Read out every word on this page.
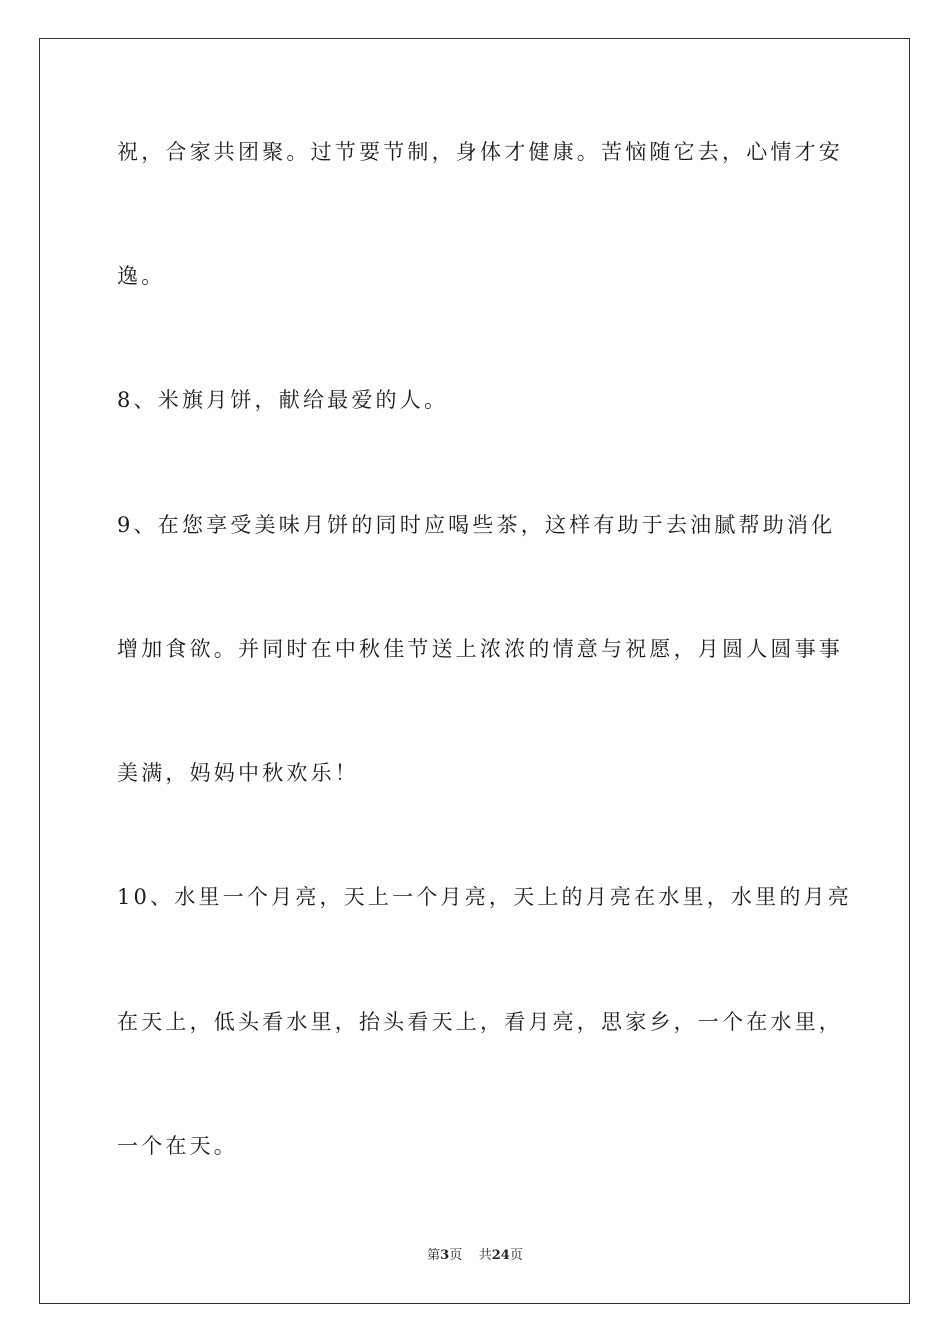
祝，合家共团聚。过节要节制，身体才健康。苦恼随它去，心情才安
逸。
8、米旗月饼，献给最爱的人。
9、在您享受美味月饼的同时应喝些茶，这样有助于去油腻帮助消化
增加食欲。并同时在中秋佳节送上浓浓的情意与祝愿，月圆人圆事事
美满，妈妈中秋欢乐！
10、水里一个月亮，天上一个月亮，天上的月亮在水里，水里的月亮
在天上，低头看水里，抬头看天上，看月亮，思家乡，一个在水里，
一个在天。
第3页    共24页
